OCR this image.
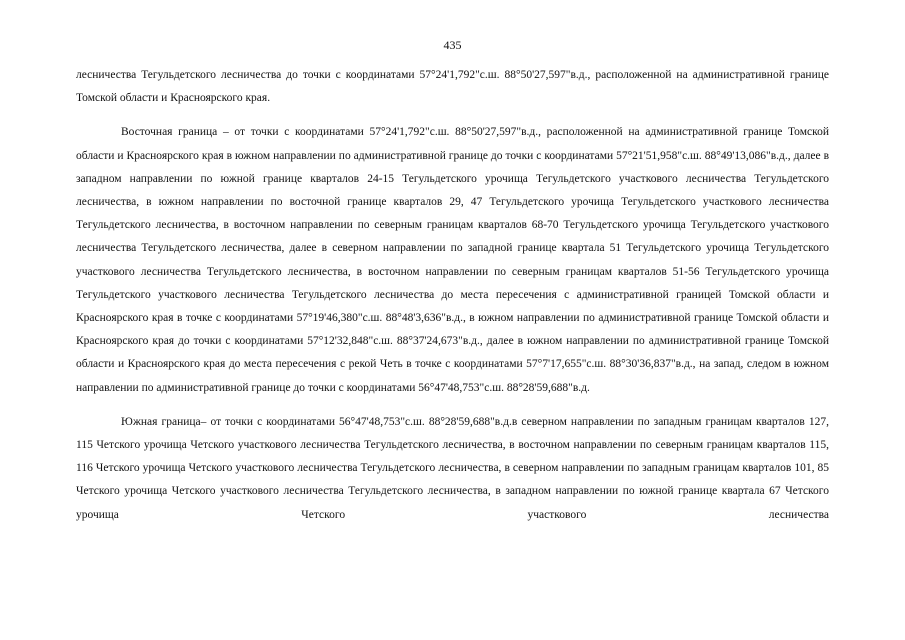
435

лесничества Тегульдетского лесничества до точки с координатами 57°24'1,792"с.ш. 88°50'27,597"в.д., расположенной на административной границе Томской области и Красноярского края.

Восточная граница – от точки с координатами 57°24'1,792"с.ш. 88°50'27,597"в.д., расположенной на административной границе Томской области и Красноярского края в южном направлении по административной границе до точки с координатами 57°21'51,958"с.ш. 88°49'13,086"в.д., далее в западном направлении по южной границе кварталов 24-15 Тегульдетского урочища Тегульдетского участкового лесничества Тегульдетского лесничества, в южном направлении по восточной границе кварталов 29, 47 Тегульдетского урочища Тегульдетского участкового лесничества Тегульдетского лесничества, в восточном направлении по северным границам кварталов 68-70 Тегульдетского урочища Тегульдетского участкового лесничества Тегульдетского лесничества, далее в северном направлении по западной границе квартала 51 Тегульдетского урочища Тегульдетского участкового лесничества Тегульдетского лесничества, в восточном направлении по северным границам кварталов 51-56 Тегульдетского урочища Тегульдетского участкового лесничества Тегульдетского лесничества до места пересечения с административной границей Томской области и Красноярского края в точке с координатами 57°19'46,380"с.ш. 88°48'3,636"в.д., в южном направлении по административной границе Томской области и Красноярского края до точки с координатами 57°12'32,848"с.ш. 88°37'24,673"в.д., далее в южном направлении по административной границе Томской области и Красноярского края до места пересечения с рекой Четь в точке с координатами 57°7'17,655"с.ш. 88°30'36,837"в.д., на запад, следом в южном направлении по административной границе до точки с координатами 56°47'48,753"с.ш. 88°28'59,688"в.д.

Южная граница– от точки с координатами 56°47'48,753"с.ш. 88°28'59,688"в.д.в северном направлении по западным границам кварталов 127, 115 Четского урочища Четского участкового лесничества Тегульдетского лесничества, в восточном направлении по северным границам кварталов 115, 116 Четского урочища Четского участкового лесничества Тегульдетского лесничества, в северном направлении по западным границам кварталов 101, 85 Четского урочища Четского участкового лесничества Тегульдетского лесничества, в западном направлении по южной границе квартала 67 Четского урочища Четского участкового лесничества
